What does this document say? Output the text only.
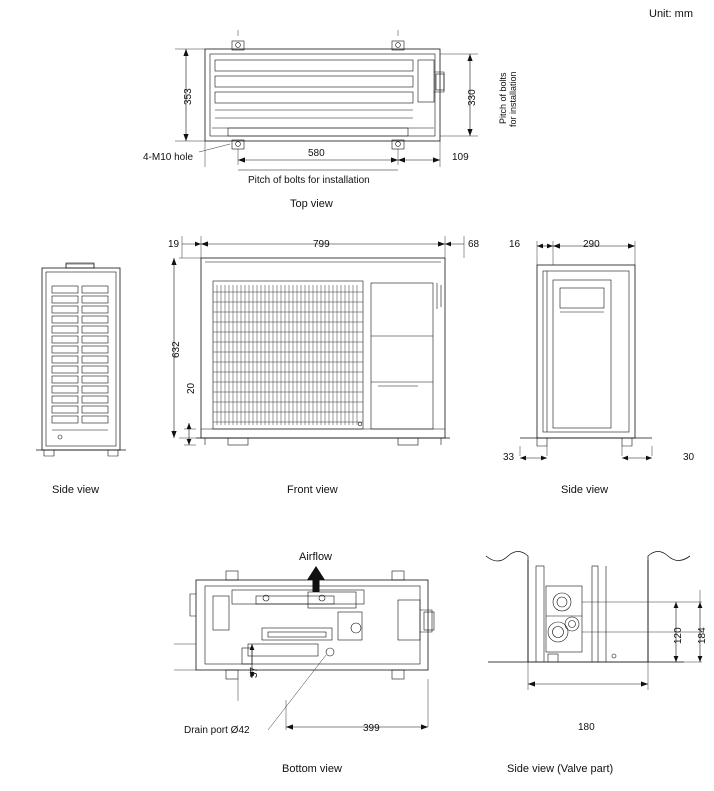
Unit: mm
353	330 Pitch of bolts for installation
580	109
Pitch of bolts for installation
4-M10 hole
Top view
Side view
19	799	68
632
20
Front view
16	290
33	30
Side view
Airflow
37
399
Drain port Ø42
Bottom view
120 184
180
Side view (Valve part)
